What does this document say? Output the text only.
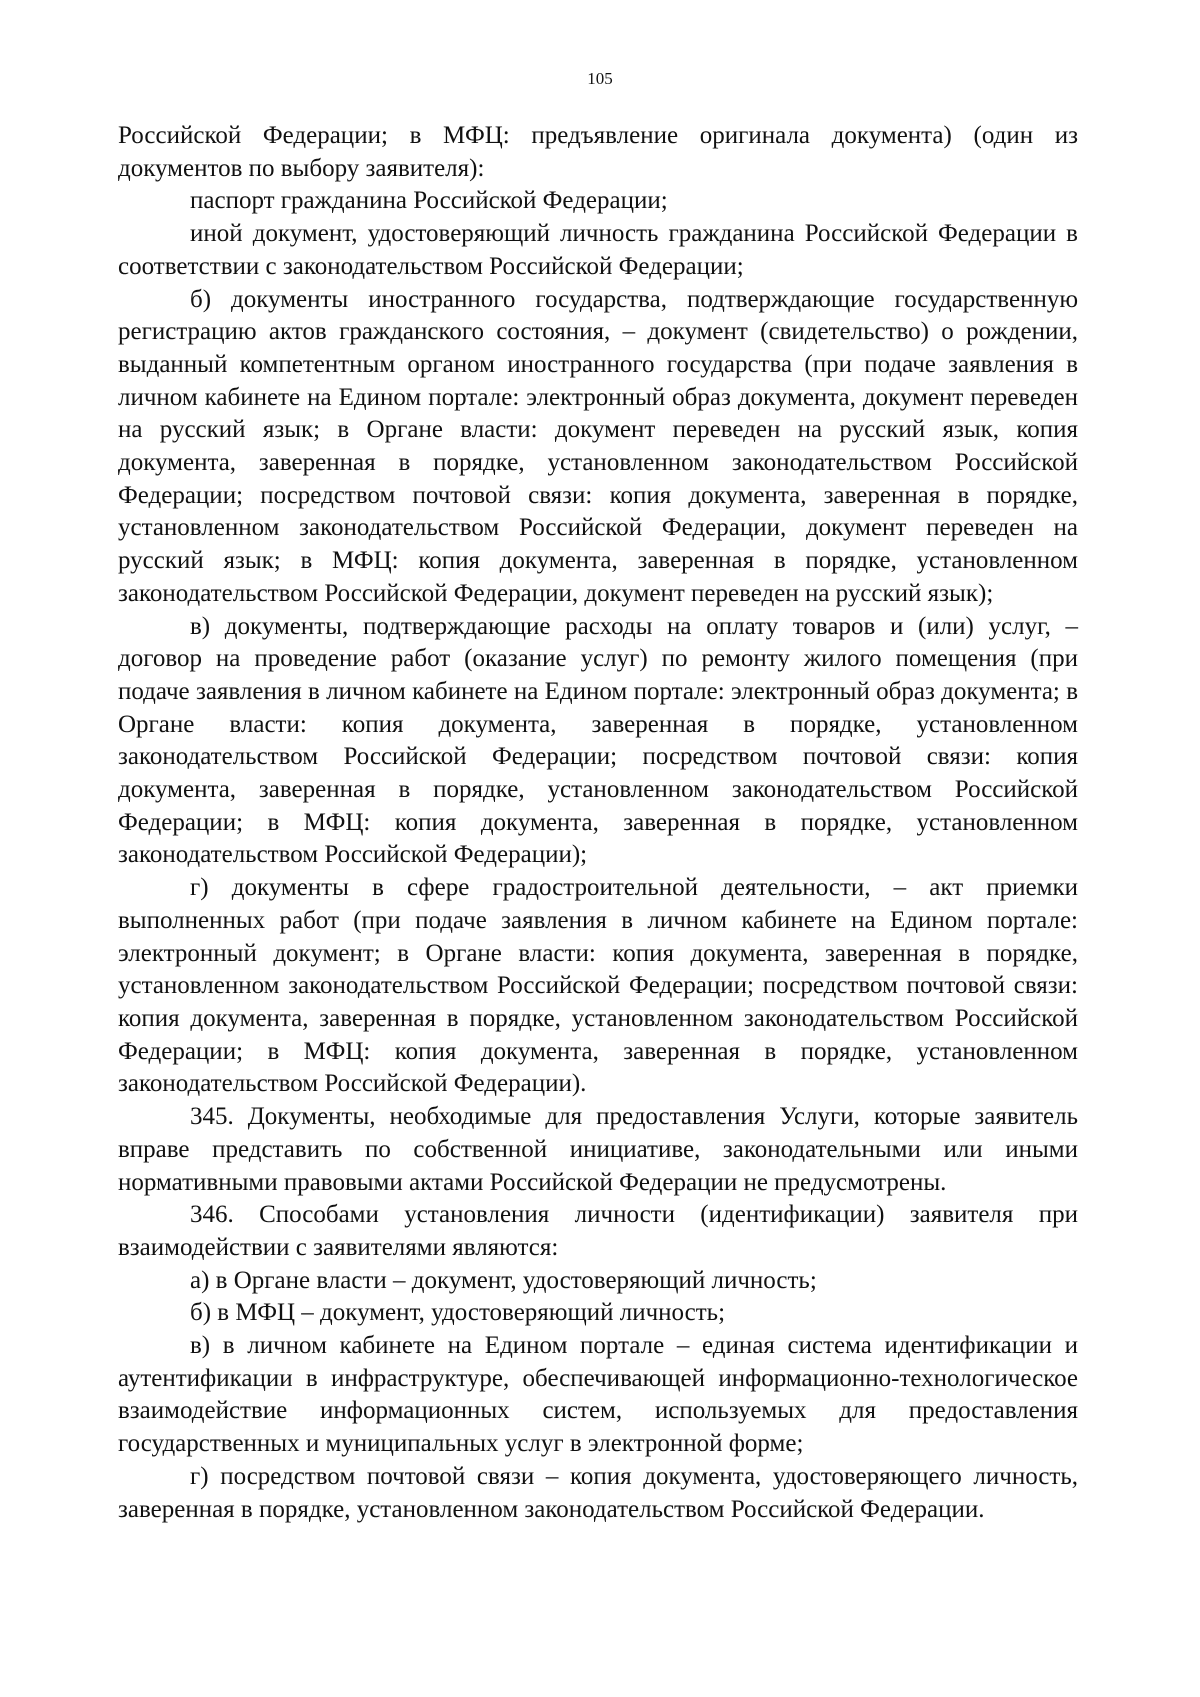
105

Российской Федерации; в МФЦ: предъявление оригинала документа) (один из документов по выбору заявителя):

паспорт гражданина Российской Федерации;

иной документ, удостоверяющий личность гражданина Российской Федерации в соответствии с законодательством Российской Федерации;

б) документы иностранного государства, подтверждающие государственную регистрацию актов гражданского состояния, – документ (свидетельство) о рождении, выданный компетентным органом иностранного государства (при подаче заявления в личном кабинете на Едином портале: электронный образ документа, документ переведен на русский язык; в Органе власти: документ переведен на русский язык, копия документа, заверенная в порядке, установленном законодательством Российской Федерации; посредством почтовой связи: копия документа, заверенная в порядке, установленном законодательством Российской Федерации, документ переведен на русский язык; в МФЦ: копия документа, заверенная в порядке, установленном законодательством Российской Федерации, документ переведен на русский язык);

в) документы, подтверждающие расходы на оплату товаров и (или) услуг, – договор на проведение работ (оказание услуг) по ремонту жилого помещения (при подаче заявления в личном кабинете на Едином портале: электронный образ документа; в Органе власти: копия документа, заверенная в порядке, установленном законодательством Российской Федерации; посредством почтовой связи: копия документа, заверенная в порядке, установленном законодательством Российской Федерации; в МФЦ: копия документа, заверенная в порядке, установленном законодательством Российской Федерации);

г) документы в сфере градостроительной деятельности, – акт приемки выполненных работ (при подаче заявления в личном кабинете на Едином портале: электронный документ; в Органе власти: копия документа, заверенная в порядке, установленном законодательством Российской Федерации; посредством почтовой связи: копия документа, заверенная в порядке, установленном законодательством Российской Федерации; в МФЦ: копия документа, заверенная в порядке, установленном законодательством Российской Федерации).

345. Документы, необходимые для предоставления Услуги, которые заявитель вправе представить по собственной инициативе, законодательными или иными нормативными правовыми актами Российской Федерации не предусмотрены.

346. Способами установления личности (идентификации) заявителя при взаимодействии с заявителями являются:

а) в Органе власти – документ, удостоверяющий личность;

б) в МФЦ – документ, удостоверяющий личность;

в) в личном кабинете на Едином портале – единая система идентификации и аутентификации в инфраструктуре, обеспечивающей информационно-технологическое взаимодействие информационных систем, используемых для предоставления государственных и муниципальных услуг в электронной форме;

г) посредством почтовой связи – копия документа, удостоверяющего личность, заверенная в порядке, установленном законодательством Российской Федерации.
